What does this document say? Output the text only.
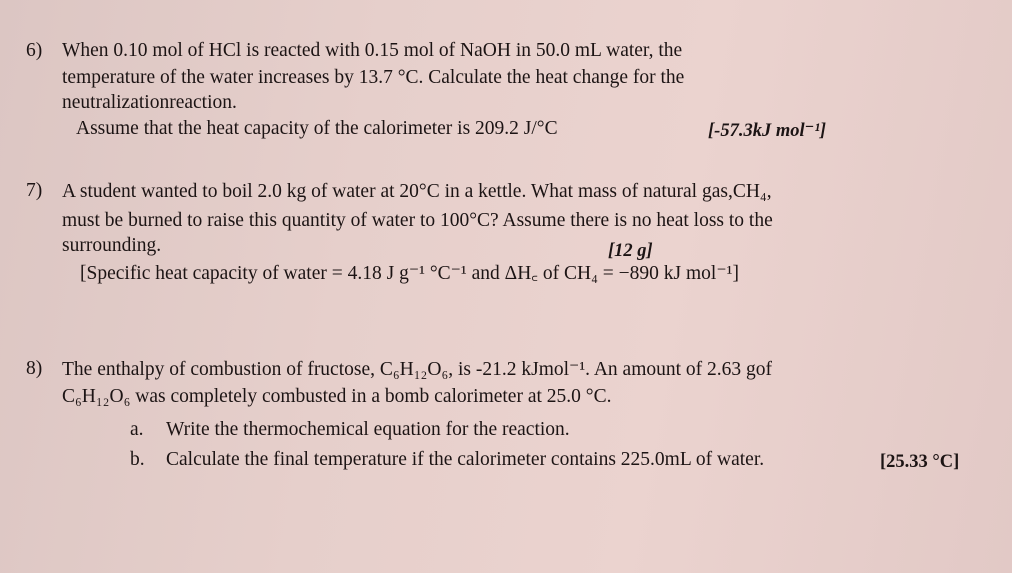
6) When 0.10 mol of HCl is reacted with 0.15 mol of NaOH in 50.0 mL water, the
temperature of the water increases by 13.7 °C. Calculate the heat change for the
neutralizationreaction.
Assume that the heat capacity of the calorimeter is 209.2 J/°C	[-57.3kJ mol⁻¹]
7) A student wanted to boil 2.0 kg of water at 20°C in a kettle. What mass of natural gas,CH₄,
must be burned to raise this quantity of water to 100°C? Assume there is no heat loss to the
surrounding.	[12 g]
[Specific heat capacity of water = 4.18 J g⁻¹ °C⁻¹ and ΔH꜀ of CH₄ = −890 kJ mol⁻¹]
8) The enthalpy of combustion of fructose, C₆H₁₂O₆, is -21.2 kJmol⁻¹. An amount of 2.63 gof
C₆H₁₂O₆ was completely combusted in a bomb calorimeter at 25.0 °C.
a. Write the thermochemical equation for the reaction.
b. Calculate the final temperature if the calorimeter contains 225.0mL of water.	[25.33 °C]
